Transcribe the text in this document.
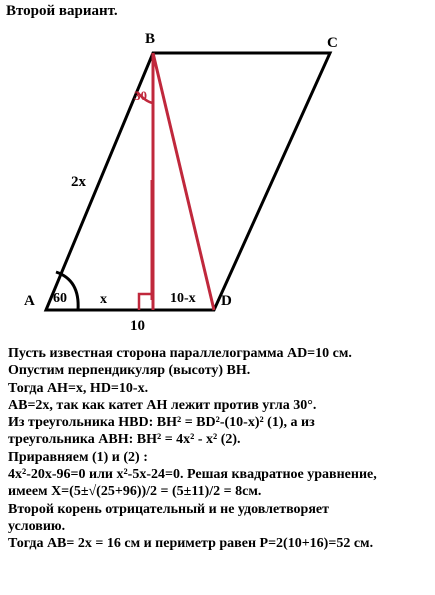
Второй вариант.
A
B	C
D
2x
60
30
x	10-x
10

Пусть известная сторона параллелограмма AD=10 см.

Опустим перпендикуляр (высоту) BH.

Тогда AH=x, HD=10-x.

AB=2x, так как катет AH лежит против угла 30°.

Из треугольника HBD: BH² = BD²-(10-x)² (1), а из

треугольника ABH: BH² = 4x² - x² (2).

Приравняем (1) и (2) :

4x²-20x-96=0 или x²-5x-24=0. Решая квадратное уравнение,

имеем X=(5±√(25+96))/2 = (5±11)/2 = 8см.

Второй корень отрицательный и не удовлетворяет

условию.

Тогда AB= 2x = 16 см и периметр равен P=2(10+16)=52 см.
